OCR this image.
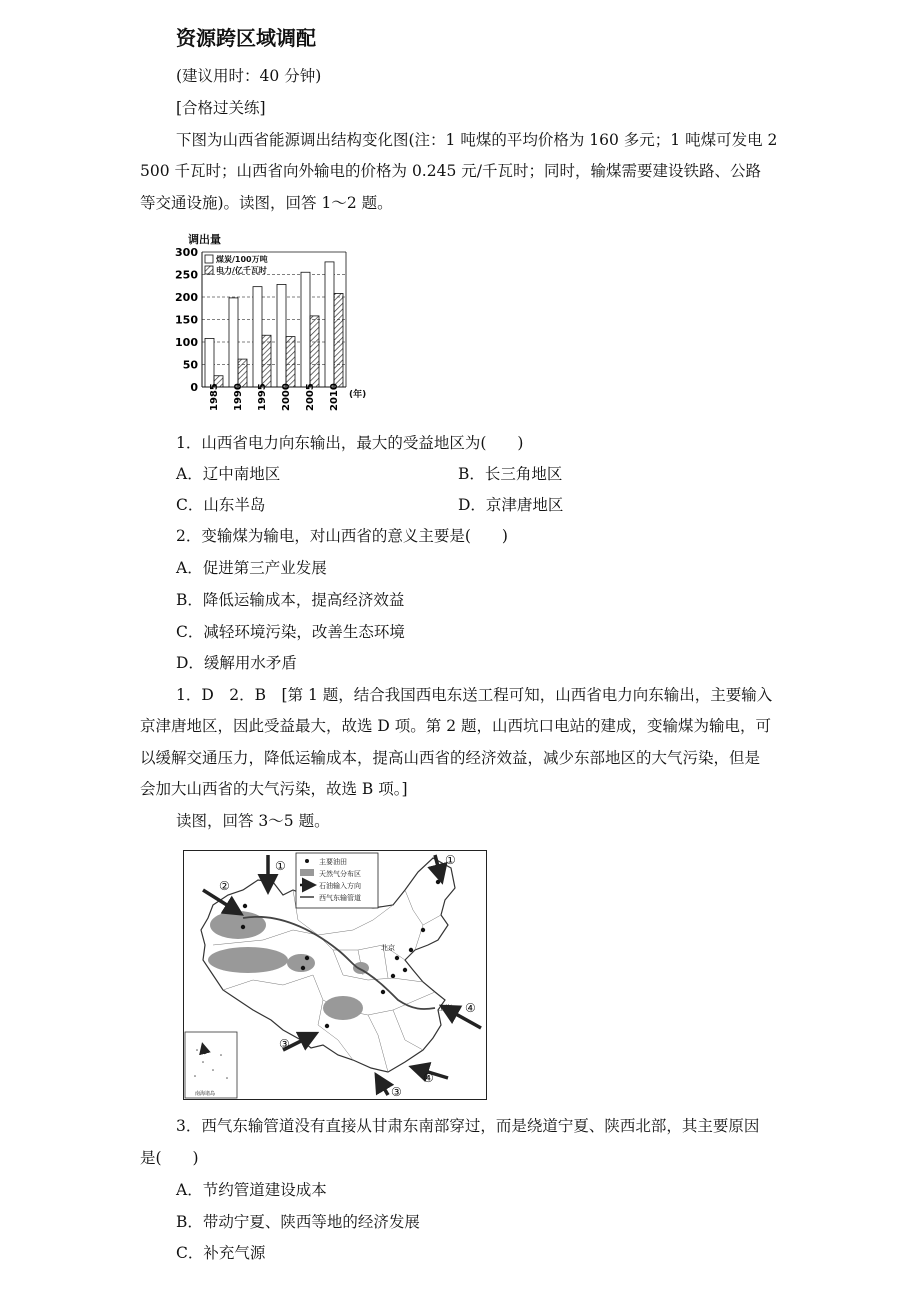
资源跨区域调配
(建议用时：40 分钟)
[合格过关练]
下图为山西省能源调出结构变化图(注：1 吨煤的平均价格为 160 多元；1 吨煤可发电 2
500 千瓦时；山西省向外输电的价格为 0.245 元/千瓦时；同时，输煤需要建设铁路、公路
等交通设施)。读图，回答 1～2 题。
调出量
300
250
200
150
100
50
0 1985 1990 1995 2000 2005 2010
煤炭/100万吨
电力/亿千瓦时
(年)
1．山西省电力向东输出，最大的受益地区为(　　)
A．辽中南地区	B．长三角地区
C．山东半岛	D．京津唐地区
2．变输煤为输电，对山西省的意义主要是(　　)
A．促进第三产业发展
B．降低运输成本，提高经济效益
C．减轻环境污染，改善生态环境
D．缓解用水矛盾
1．D　2．B　[第 1 题，结合我国西电东送工程可知，山西省电力向东输出，主要输入
京津唐地区，因此受益最大，故选 D 项。第 2 题，山西坑口电站的建成，变输煤为输电，可
以缓解交通压力，降低运输成本，提高山西省的经济效益，减少东部地区的大气污染，但是
会加大山西省的大气污染，故选 B 项。]
读图，回答 3～5 题。
南海诸岛
主要油田
天然气分布区
石油输入方向
西气东输管道
北京
上海
①
②
①
④
③
③
④
3．西气东输管道没有直接从甘肃东南部穿过，而是绕道宁夏、陕西北部，其主要原因
是(　　)
A．节约管道建设成本
B．带动宁夏、陕西等地的经济发展
C．补充气源
